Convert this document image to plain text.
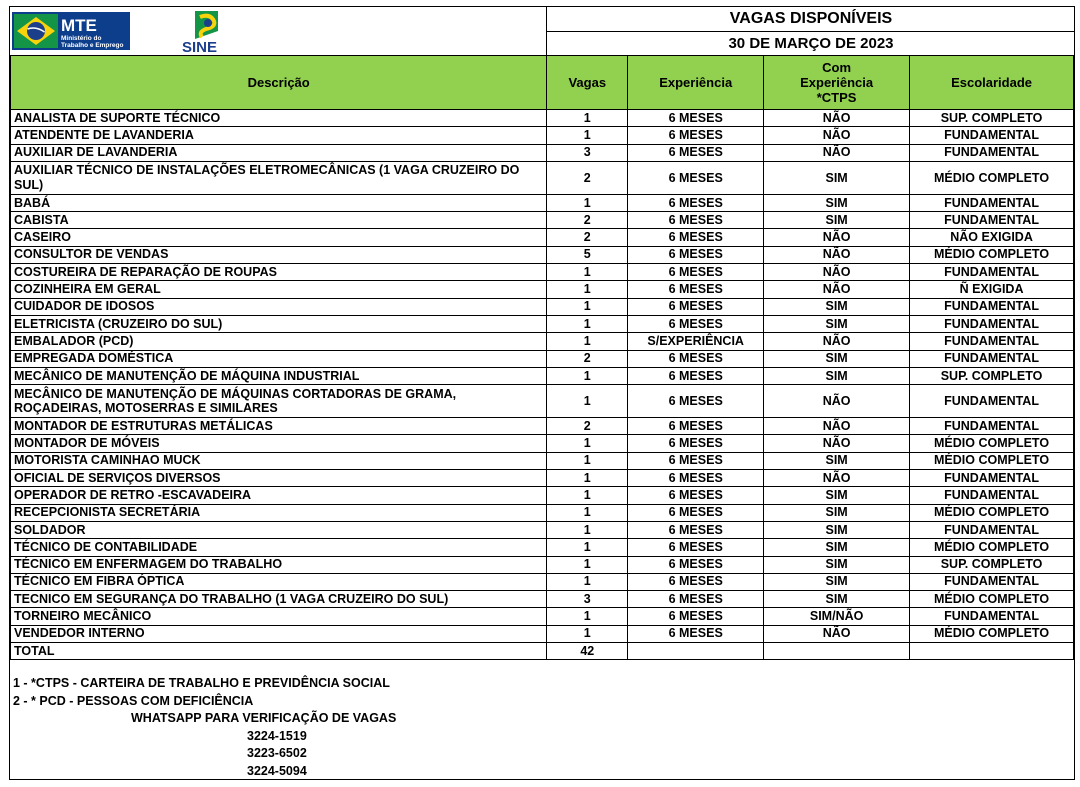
MTE
Ministério do
Trabalho e Emprego	SINE
VAGAS DISPONÍVEIS
30 DE MARÇO DE 2023
Descrição	Vagas	Experiência	Com Experiência *CTPS	Escolaridade
ANALISTA DE SUPORTE TÉCNICO	1	6 MESES	NÃO	SUP. COMPLETO
ATENDENTE DE LAVANDERIA	1	6 MESES	NÃO	FUNDAMENTAL
AUXILIAR DE LAVANDERIA	3	6 MESES	NÃO	FUNDAMENTAL
AUXILIAR TÉCNICO DE INSTALAÇÕES ELETROMECÂNICAS (1 VAGA CRUZEIRO DO SUL)	2	6 MESES	SIM	MÉDIO COMPLETO
BABÁ	1	6 MESES	SIM	FUNDAMENTAL
CABISTA	2	6 MESES	SIM	FUNDAMENTAL
CASEIRO	2	6 MESES	NÃO	NÃO EXIGIDA
CONSULTOR DE VENDAS	5	6 MESES	NÃO	MÉDIO COMPLETO
COSTUREIRA DE REPARAÇÃO DE ROUPAS	1	6 MESES	NÃO	FUNDAMENTAL
COZINHEIRA EM GERAL	1	6 MESES	NÃO	Ñ EXIGIDA
CUIDADOR DE IDOSOS	1	6 MESES	SIM	FUNDAMENTAL
ELETRICISTA (CRUZEIRO DO SUL)	1	6 MESES	SIM	FUNDAMENTAL
EMBALADOR (PCD)	1	S/EXPERIÊNCIA	NÃO	FUNDAMENTAL
EMPREGADA DOMÉSTICA	2	6 MESES	SIM	FUNDAMENTAL
MECÂNICO DE MANUTENÇÃO DE MÁQUINA INDUSTRIAL	1	6 MESES	SIM	SUP. COMPLETO
MECÂNICO DE MANUTENÇÃO DE MÁQUINAS CORTADORAS DE GRAMA, ROÇADEIRAS, MOTOSERRAS E SIMILARES	1	6 MESES	NÃO	FUNDAMENTAL
MONTADOR DE ESTRUTURAS METÁLICAS	2	6 MESES	NÃO	FUNDAMENTAL
MONTADOR DE MÓVEIS	1	6 MESES	NÃO	MÉDIO COMPLETO
MOTORISTA CAMINHAO MUCK	1	6 MESES	SIM	MÉDIO COMPLETO
OFICIAL DE SERVIÇOS DIVERSOS	1	6 MESES	NÃO	FUNDAMENTAL
OPERADOR DE RETRO -ESCAVADEIRA	1	6 MESES	SIM	FUNDAMENTAL
RECEPCIONISTA SECRETÁRIA	1	6 MESES	SIM	MÉDIO COMPLETO
SOLDADOR	1	6 MESES	SIM	FUNDAMENTAL
TÉCNICO DE CONTABILIDADE	1	6 MESES	SIM	MÉDIO COMPLETO
TÉCNICO EM ENFERMAGEM DO TRABALHO	1	6 MESES	SIM	SUP. COMPLETO
TÉCNICO EM FIBRA ÓPTICA	1	6 MESES	SIM	FUNDAMENTAL
TECNICO EM SEGURANÇA DO TRABALHO (1 VAGA CRUZEIRO DO SUL)	3	6 MESES	SIM	MÉDIO COMPLETO
TORNEIRO MECÂNICO	1	6 MESES	SIM/NÃO	FUNDAMENTAL
VENDEDOR INTERNO	1	6 MESES	NÃO	MÉDIO COMPLETO
TOTAL	42			
1 - *CTPS - CARTEIRA DE TRABALHO E PREVIDÊNCIA SOCIAL
2 - * PCD - PESSOAS COM DEFICIÊNCIA
WHATSAPP PARA VERIFICAÇÃO DE VAGAS
3224-1519
3223-6502
3224-5094
